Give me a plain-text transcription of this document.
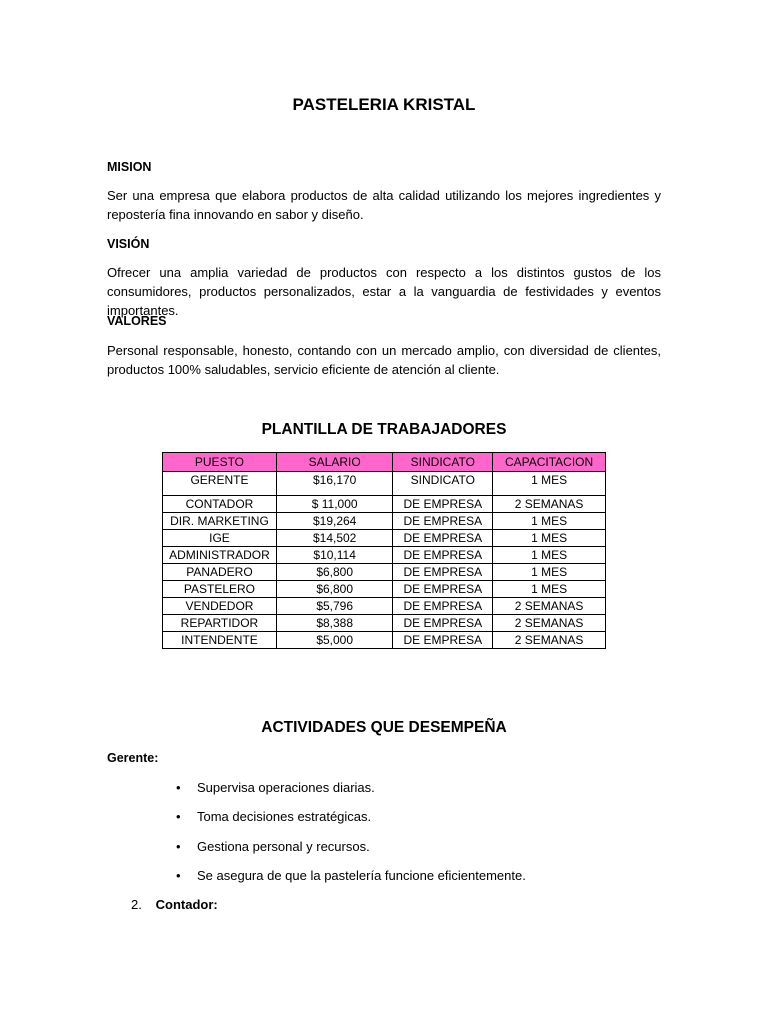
PASTELERIA KRISTAL
MISION

Ser una empresa que elabora productos de alta calidad utilizando los mejores ingredientes y repostería fina innovando en sabor y diseño.

VISIÓN

Ofrecer una amplia variedad de productos con respecto a los distintos gustos de los consumidores, productos personalizados, estar a la vanguardia de festividades y eventos importantes.

VALORES

Personal responsable, honesto, contando con un mercado amplio, con diversidad de clientes, productos 100% saludables, servicio eficiente de atención al cliente.

PLANTILLA DE TRABAJADORES
PUESTO	SALARIO	SINDICATO	CAPACITACION
GERENTE	$16,170	SINDICATO	1 MES
CONTADOR	$ 11,000	DE EMPRESA	2 SEMANAS
DIR. MARKETING	$19,264	DE EMPRESA	1 MES
IGE	$14,502	DE EMPRESA	1 MES
ADMINISTRADOR	$10,114	DE EMPRESA	1 MES
PANADERO	$6,800	DE EMPRESA	1 MES
PASTELERO	$6,800	DE EMPRESA	1 MES
VENDEDOR	$5,796	DE EMPRESA	2 SEMANAS
REPARTIDOR	$8,388	DE EMPRESA	2 SEMANAS
INTENDENTE	$5,000	DE EMPRESA	2 SEMANAS
ACTIVIDADES QUE DESEMPEÑA
Gerente:
• Supervisa operaciones diarias.
• Toma decisiones estratégicas.
• Gestiona personal y recursos.
• Se asegura de que la pastelería funcione eficientemente.
2. Contador:
